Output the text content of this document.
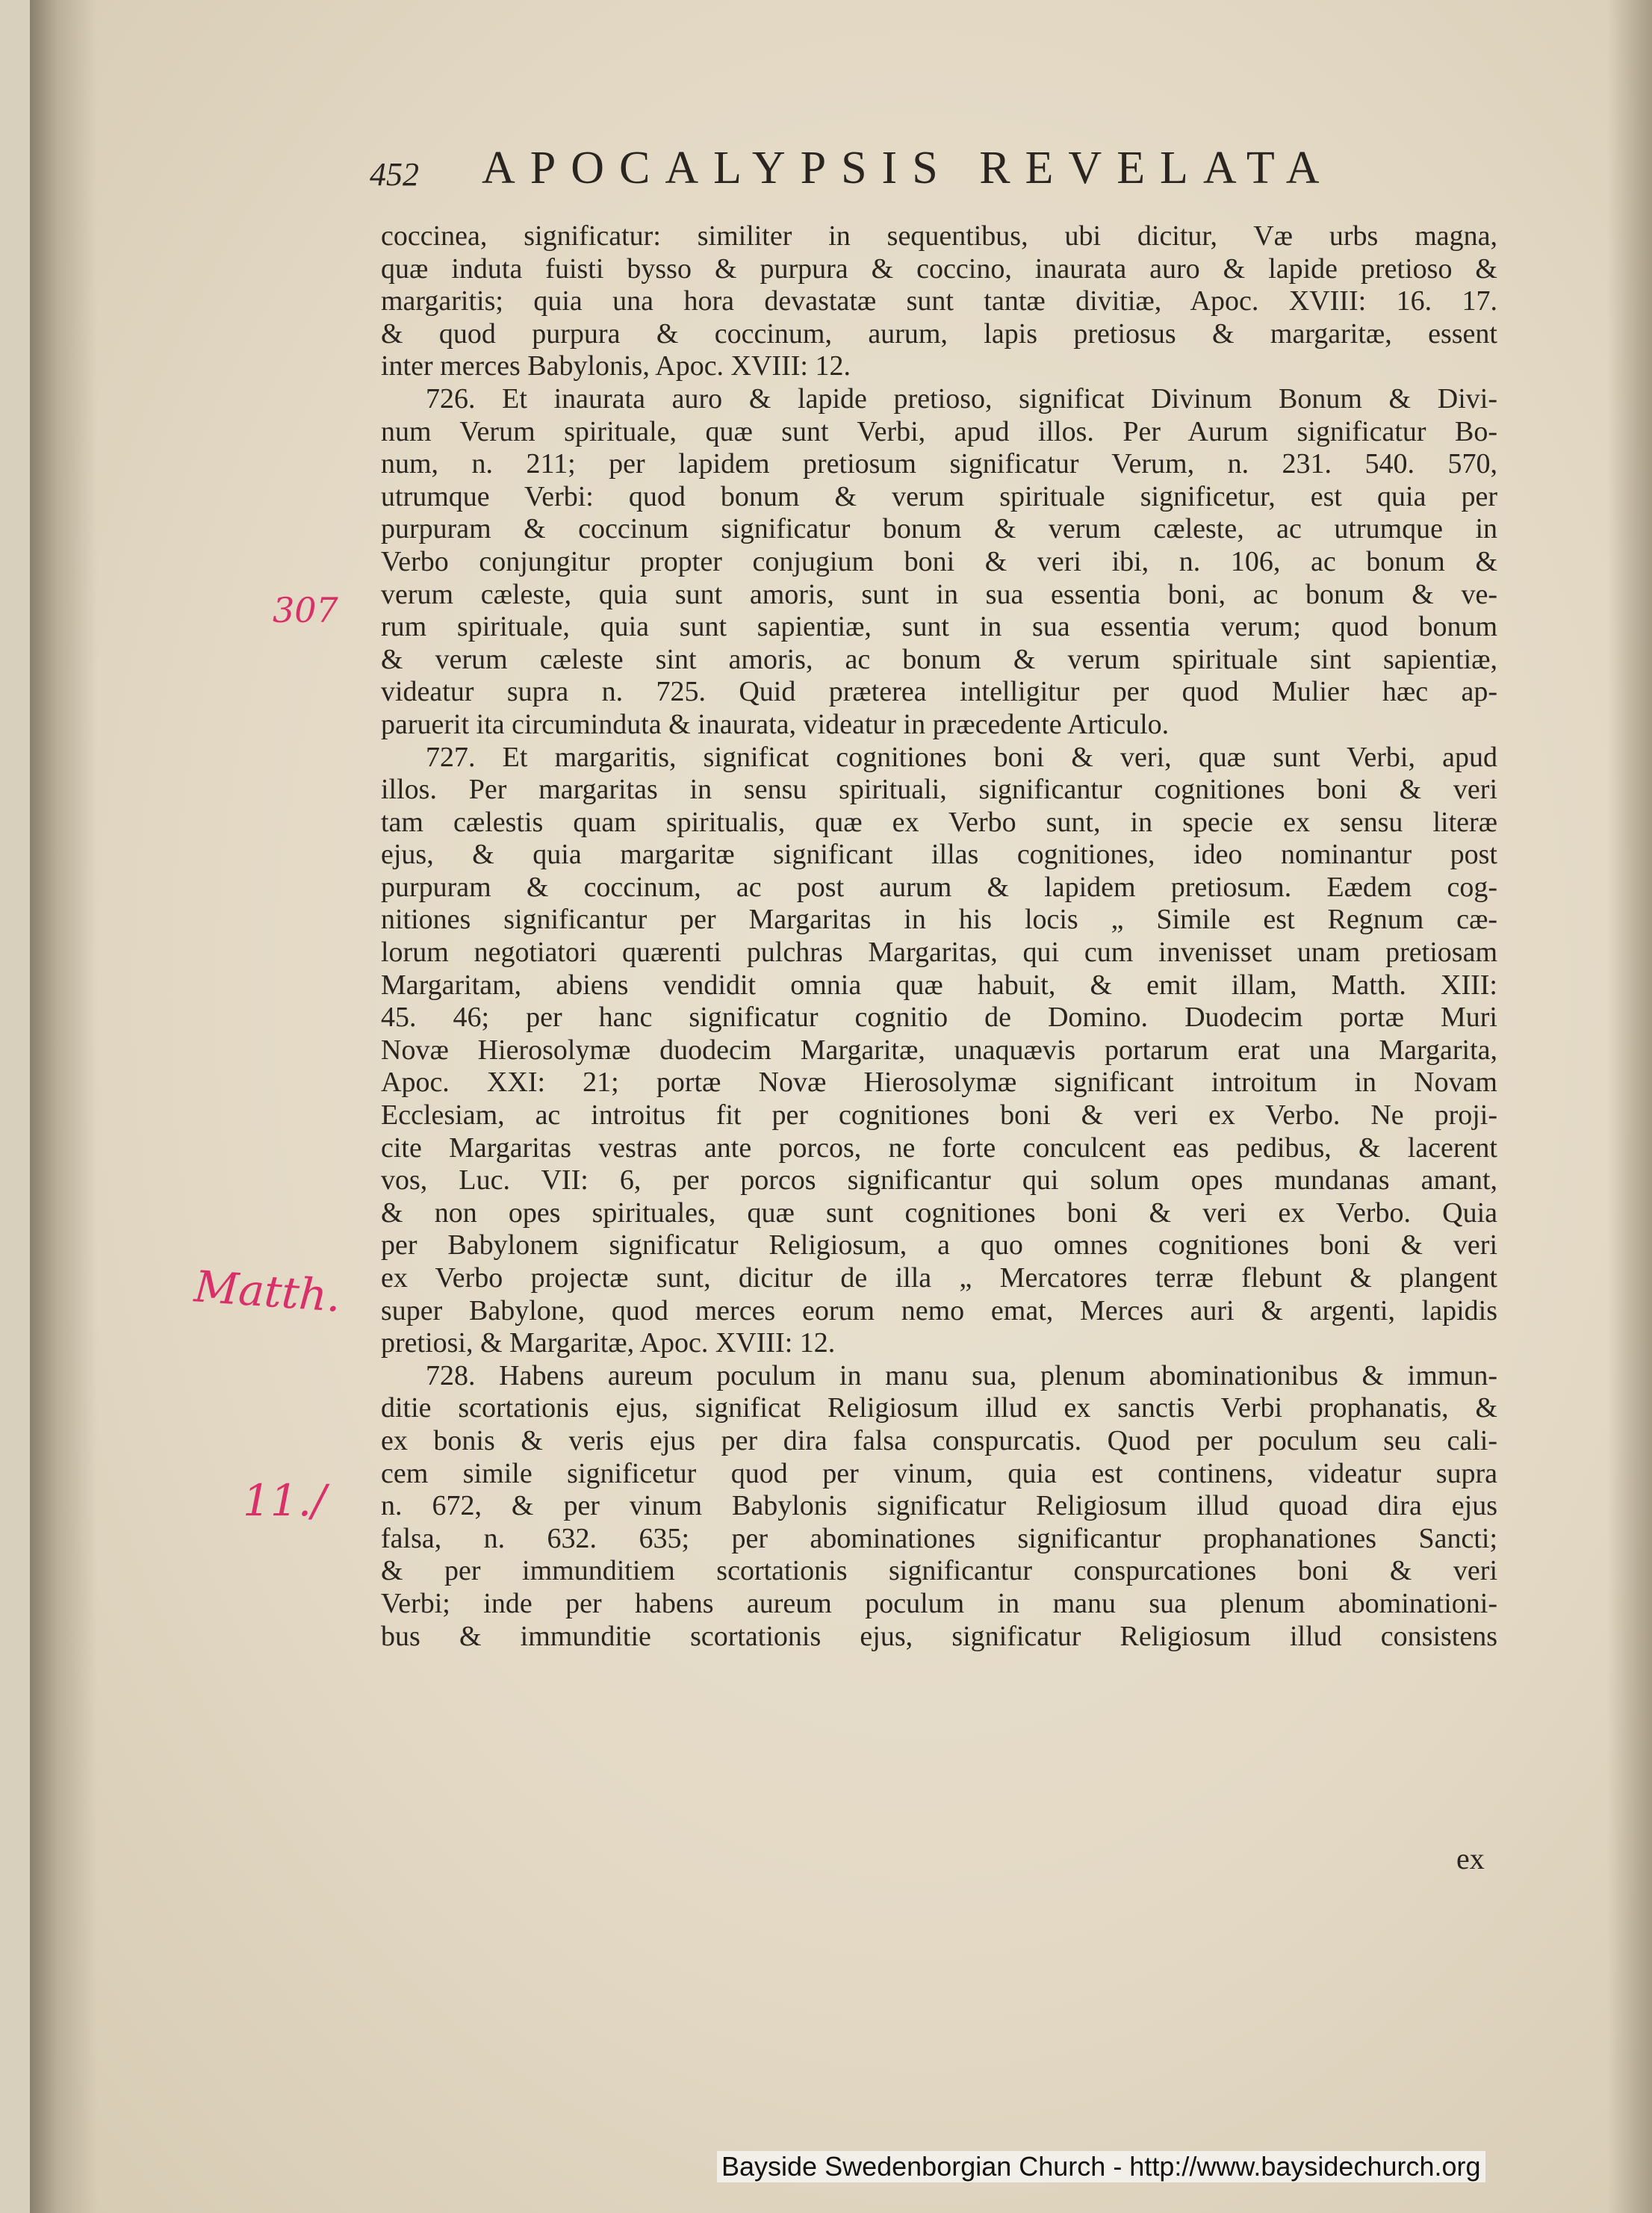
452 APOCALYPSIS REVELATA
coccinea, significatur: similiter in sequentibus, ubi dicitur, Væ urbs magna,
quæ induta fuisti bysso & purpura & coccino, inaurata auro & lapide pretioso &
margaritis; quia una hora devastatæ sunt tantæ divitiæ, Apoc. XVIII: 16. 17.
& quod purpura & coccinum, aurum, lapis pretiosus & margaritæ, essent
inter merces Babylonis, Apoc. XVIII: 12.
726. Et inaurata auro & lapide pretioso, significat Divinum Bonum & Divi-
num Verum spirituale, quæ sunt Verbi, apud illos. Per Aurum significatur Bo-
num, n. 211; per lapidem pretiosum significatur Verum, n. 231. 540. 570,
utrumque Verbi: quod bonum & verum spirituale significetur, est quia per
purpuram & coccinum significatur bonum & verum cæleste, ac utrumque in
Verbo conjungitur propter conjugium boni & veri ibi, n. 106, ac bonum &
verum cæleste, quia sunt amoris, sunt in sua essentia boni, ac bonum & ve-
rum spirituale, quia sunt sapientiæ, sunt in sua essentia verum; quod bonum
& verum cæleste sint amoris, ac bonum & verum spirituale sint sapientiæ,
videatur supra n. 725. Quid præterea intelligitur per quod Mulier hæc ap-
paruerit ita circuminduta & inaurata, videatur in præcedente Articulo.
727. Et margaritis, significat cognitiones boni & veri, quæ sunt Verbi, apud
illos. Per margaritas in sensu spirituali, significantur cognitiones boni & veri
tam cælestis quam spiritualis, quæ ex Verbo sunt, in specie ex sensu literæ
ejus, & quia margaritæ significant illas cognitiones, ideo nominantur post
purpuram & coccinum, ac post aurum & lapidem pretiosum. Eædem cog-
nitiones significantur per Margaritas in his locis „ Simile est Regnum cæ-
lorum negotiatori quærenti pulchras Margaritas, qui cum invenisset unam pretiosam
Margaritam, abiens vendidit omnia quæ habuit, & emit illam, Matth. XIII:
45. 46; per hanc significatur cognitio de Domino. Duodecim portæ Muri
Novæ Hierosolymæ duodecim Margaritæ, unaquævis portarum erat una Margarita,
Apoc. XXI: 21; portæ Novæ Hierosolymæ significant introitum in Novam
Ecclesiam, ac introitus fit per cognitiones boni & veri ex Verbo. Ne proji-
cite Margaritas vestras ante porcos, ne forte conculcent eas pedibus, & lacerent
vos, Luc. VII: 6, per porcos significantur qui solum opes mundanas amant,
& non opes spirituales, quæ sunt cognitiones boni & veri ex Verbo. Quia
per Babylonem significatur Religiosum, a quo omnes cognitiones boni & veri
ex Verbo projectæ sunt, dicitur de illa „ Mercatores terræ flebunt & plangent
super Babylone, quod merces eorum nemo emat, Merces auri & argenti, lapidis
pretiosi, & Margaritæ, Apoc. XVIII: 12.
728. Habens aureum poculum in manu sua, plenum abominationibus & immun-
ditie scortationis ejus, significat Religiosum illud ex sanctis Verbi prophanatis, &
ex bonis & veris ejus per dira falsa conspurcatis. Quod per poculum seu cali-
cem simile significetur quod per vinum, quia est continens, videatur supra
n. 672, & per vinum Babylonis significatur Religiosum illud quoad dira ejus
falsa, n. 632. 635; per abominationes significantur prophanationes Sancti;
& per immunditiem scortationis significantur conspurcationes boni & veri
Verbi; inde per habens aureum poculum in manu sua plenum abominationi-
bus & immunditie scortationis ejus, significatur Religiosum illud consistens
ex
307
Matth.
11./
Bayside Swedenborgian Church - http://www.baysidechurch.org
